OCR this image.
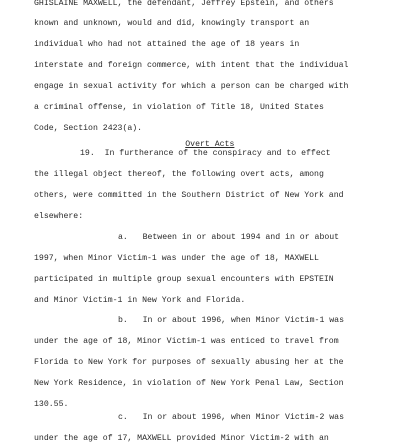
GHISLAINE MAXWELL, the defendant, Jeffrey Epstein, and others
known and unknown, would and did, knowingly transport an
individual who had not attained the age of 18 years in
interstate and foreign commerce, with intent that the individual
engage in sexual activity for which a person can be charged with
a criminal offense, in violation of Title 18, United States
Code, Section 2423(a).

Overt Acts

19.  In furtherance of the conspiracy and to effect
the illegal object thereof, the following overt acts, among
others, were committed in the Southern District of New York and
elsewhere:
a.   Between in or about 1994 and in or about
1997, when Minor Victim-1 was under the age of 18, MAXWELL
participated in multiple group sexual encounters with EPSTEIN
and Minor Victim-1 in New York and Florida.
b.   In or about 1996, when Minor Victim-1 was
under the age of 18, Minor Victim-1 was enticed to travel from
Florida to New York for purposes of sexually abusing her at the
New York Residence, in violation of New York Penal Law, Section
130.55.
c.   In or about 1996, when Minor Victim-2 was
under the age of 17, MAXWELL provided Minor Victim-2 with an
